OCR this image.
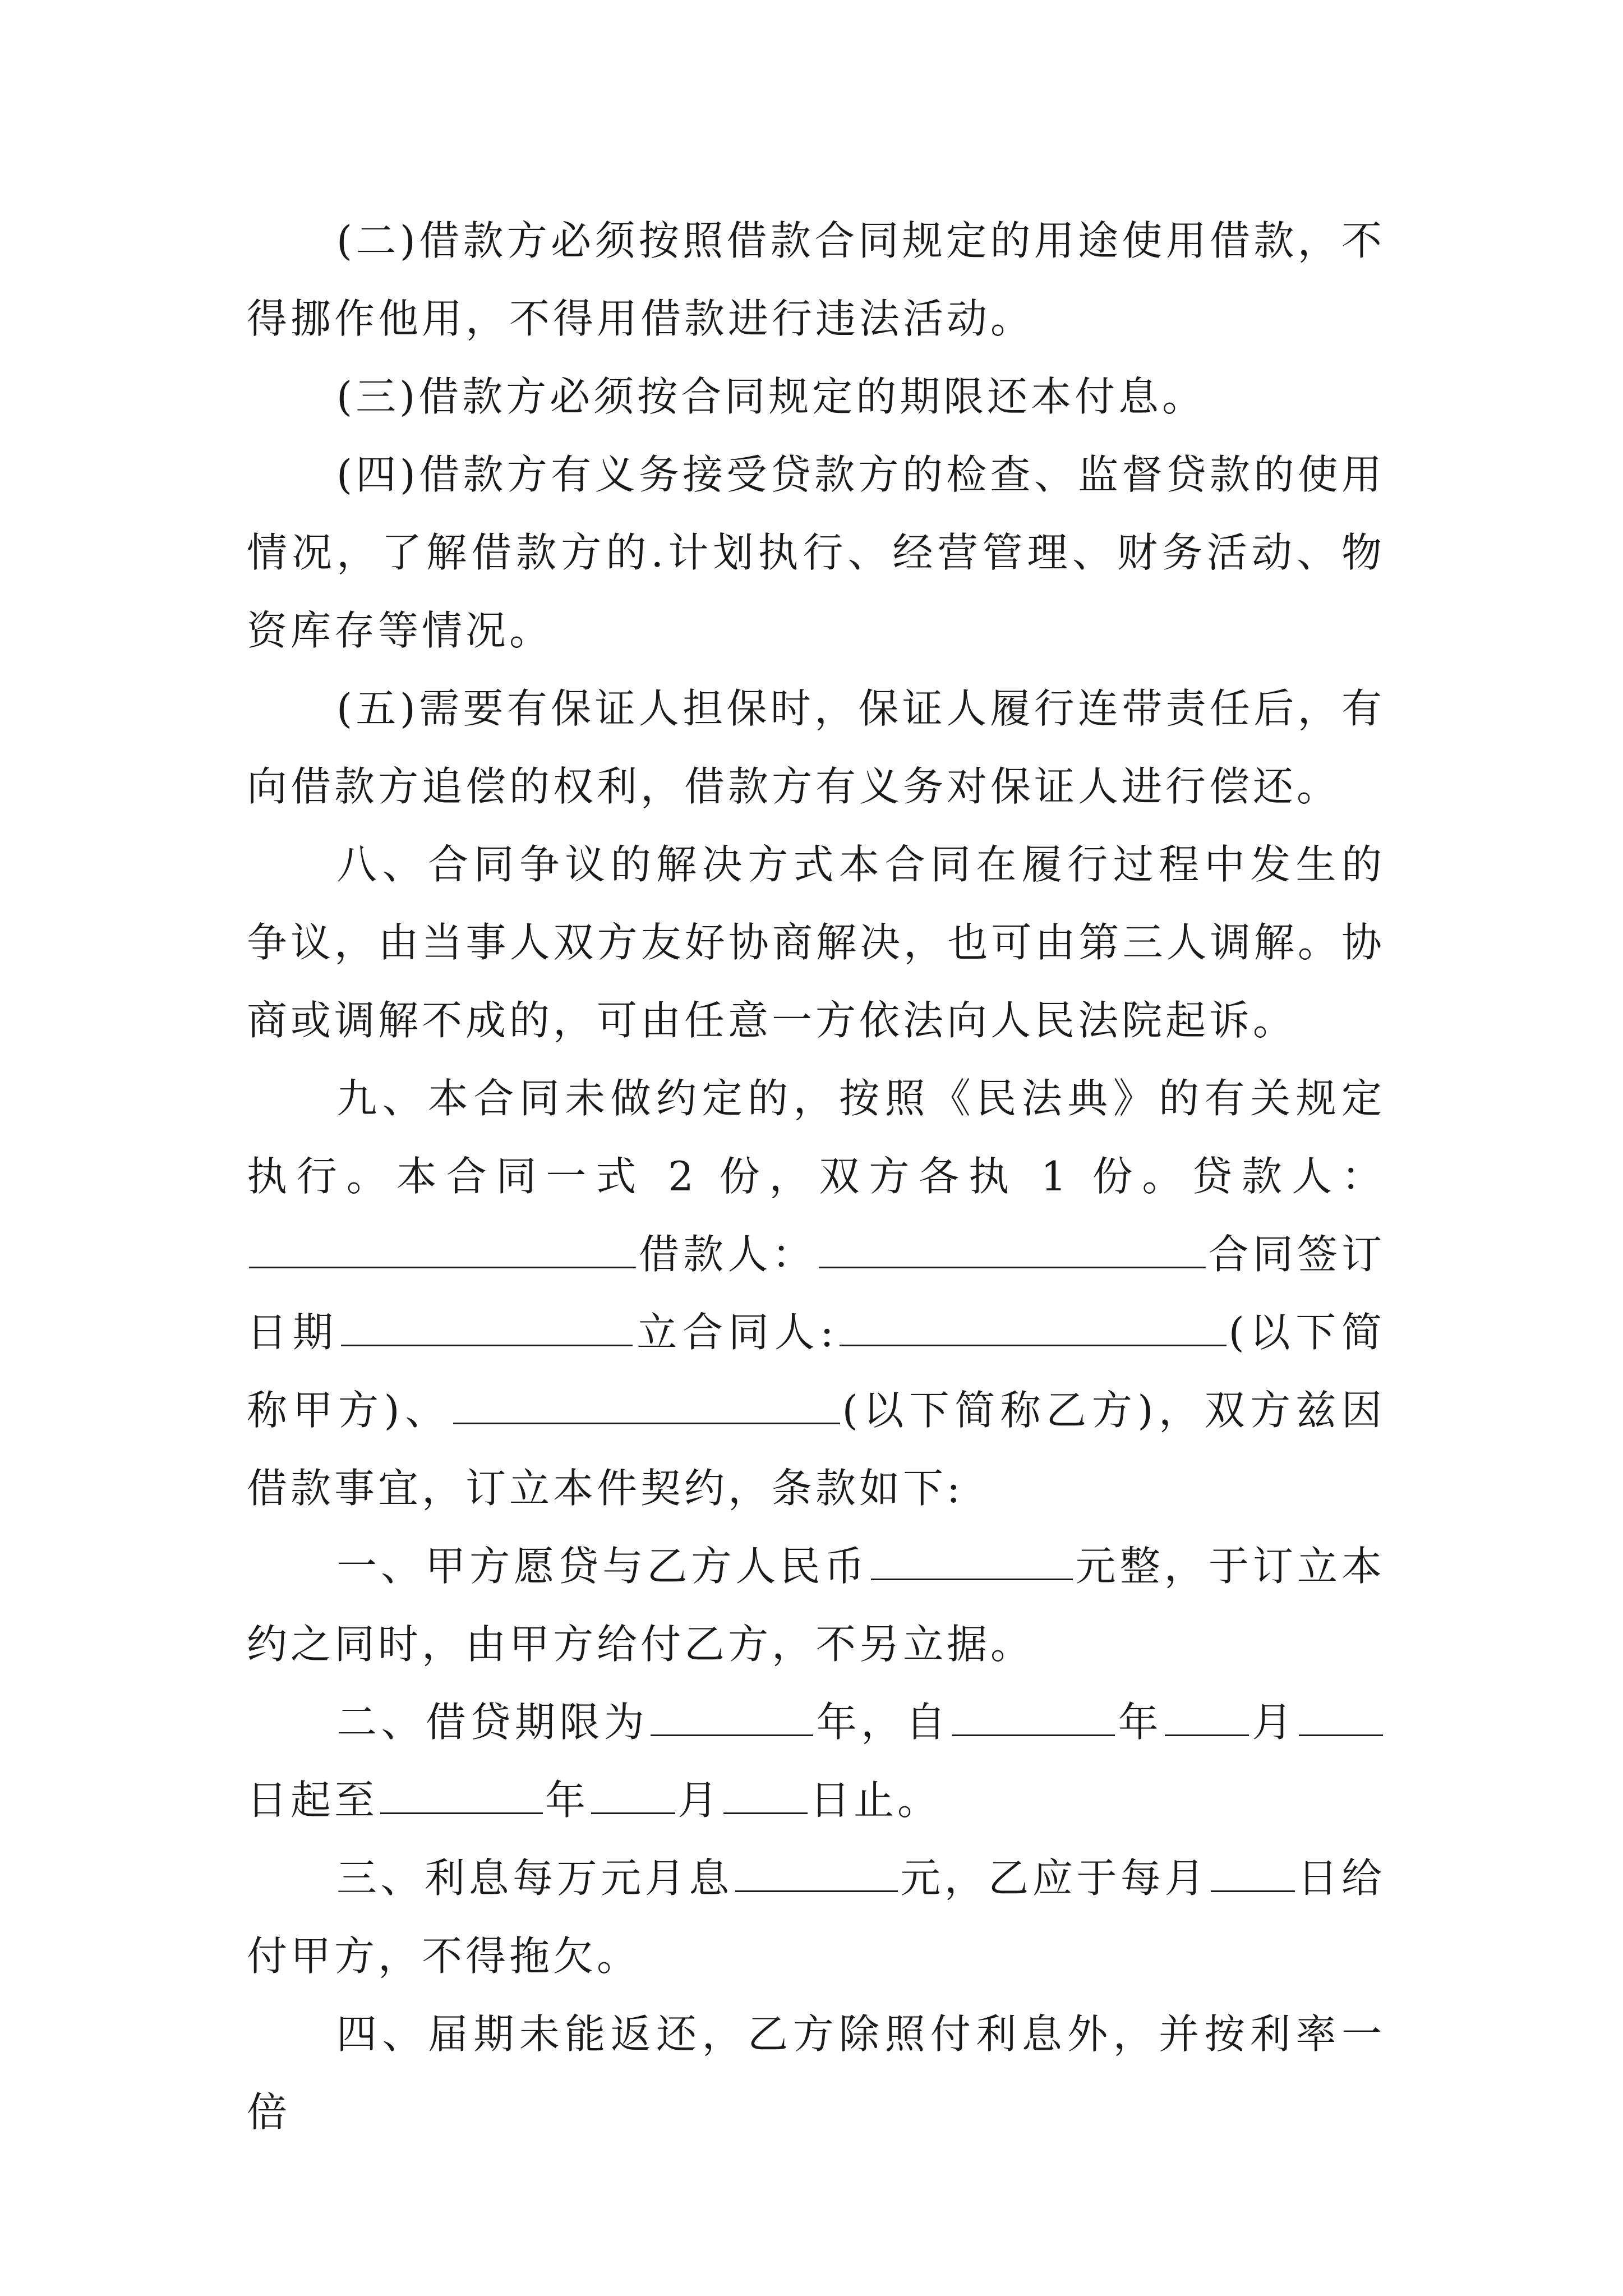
(二)借款方必须按照借款合同规定的用途使用借款，不得挪作他用，不得用借款进行违法活动。

(三)借款方必须按合同规定的期限还本付息。

(四)借款方有义务接受贷款方的检查、监督贷款的使用情况，了解借款方的.计划执行、经营管理、财务活动、物资库存等情况。

(五)需要有保证人担保时，保证人履行连带责任后，有向借款方追偿的权利，借款方有义务对保证人进行偿还。

八、合同争议的解决方式本合同在履行过程中发生的争议，由当事人双方友好协商解决，也可由第三人调解。协商或调解不成的，可由任意一方依法向人民法院起诉。

九、本合同未做约定的，按照《民法典》的有关规定执行。本合同一式 2 份，双方各执 1 份。贷款人：借款人：	合同签订日期	立合同人:	(以下简称甲方)、	(以下简称乙方)，双方兹因借款事宜，订立本件契约，条款如下:

一、甲方愿贷与乙方人民币	元整，于订立本约之同时，由甲方给付乙方，不另立据。

二、借贷期限为	年，自	年 月日起至	年 月 日止。

三、利息每万元月息	元，乙应于每月 日给付甲方，不得拖欠。

四、届期未能返还，乙方除照付利息外，并按利率一倍
